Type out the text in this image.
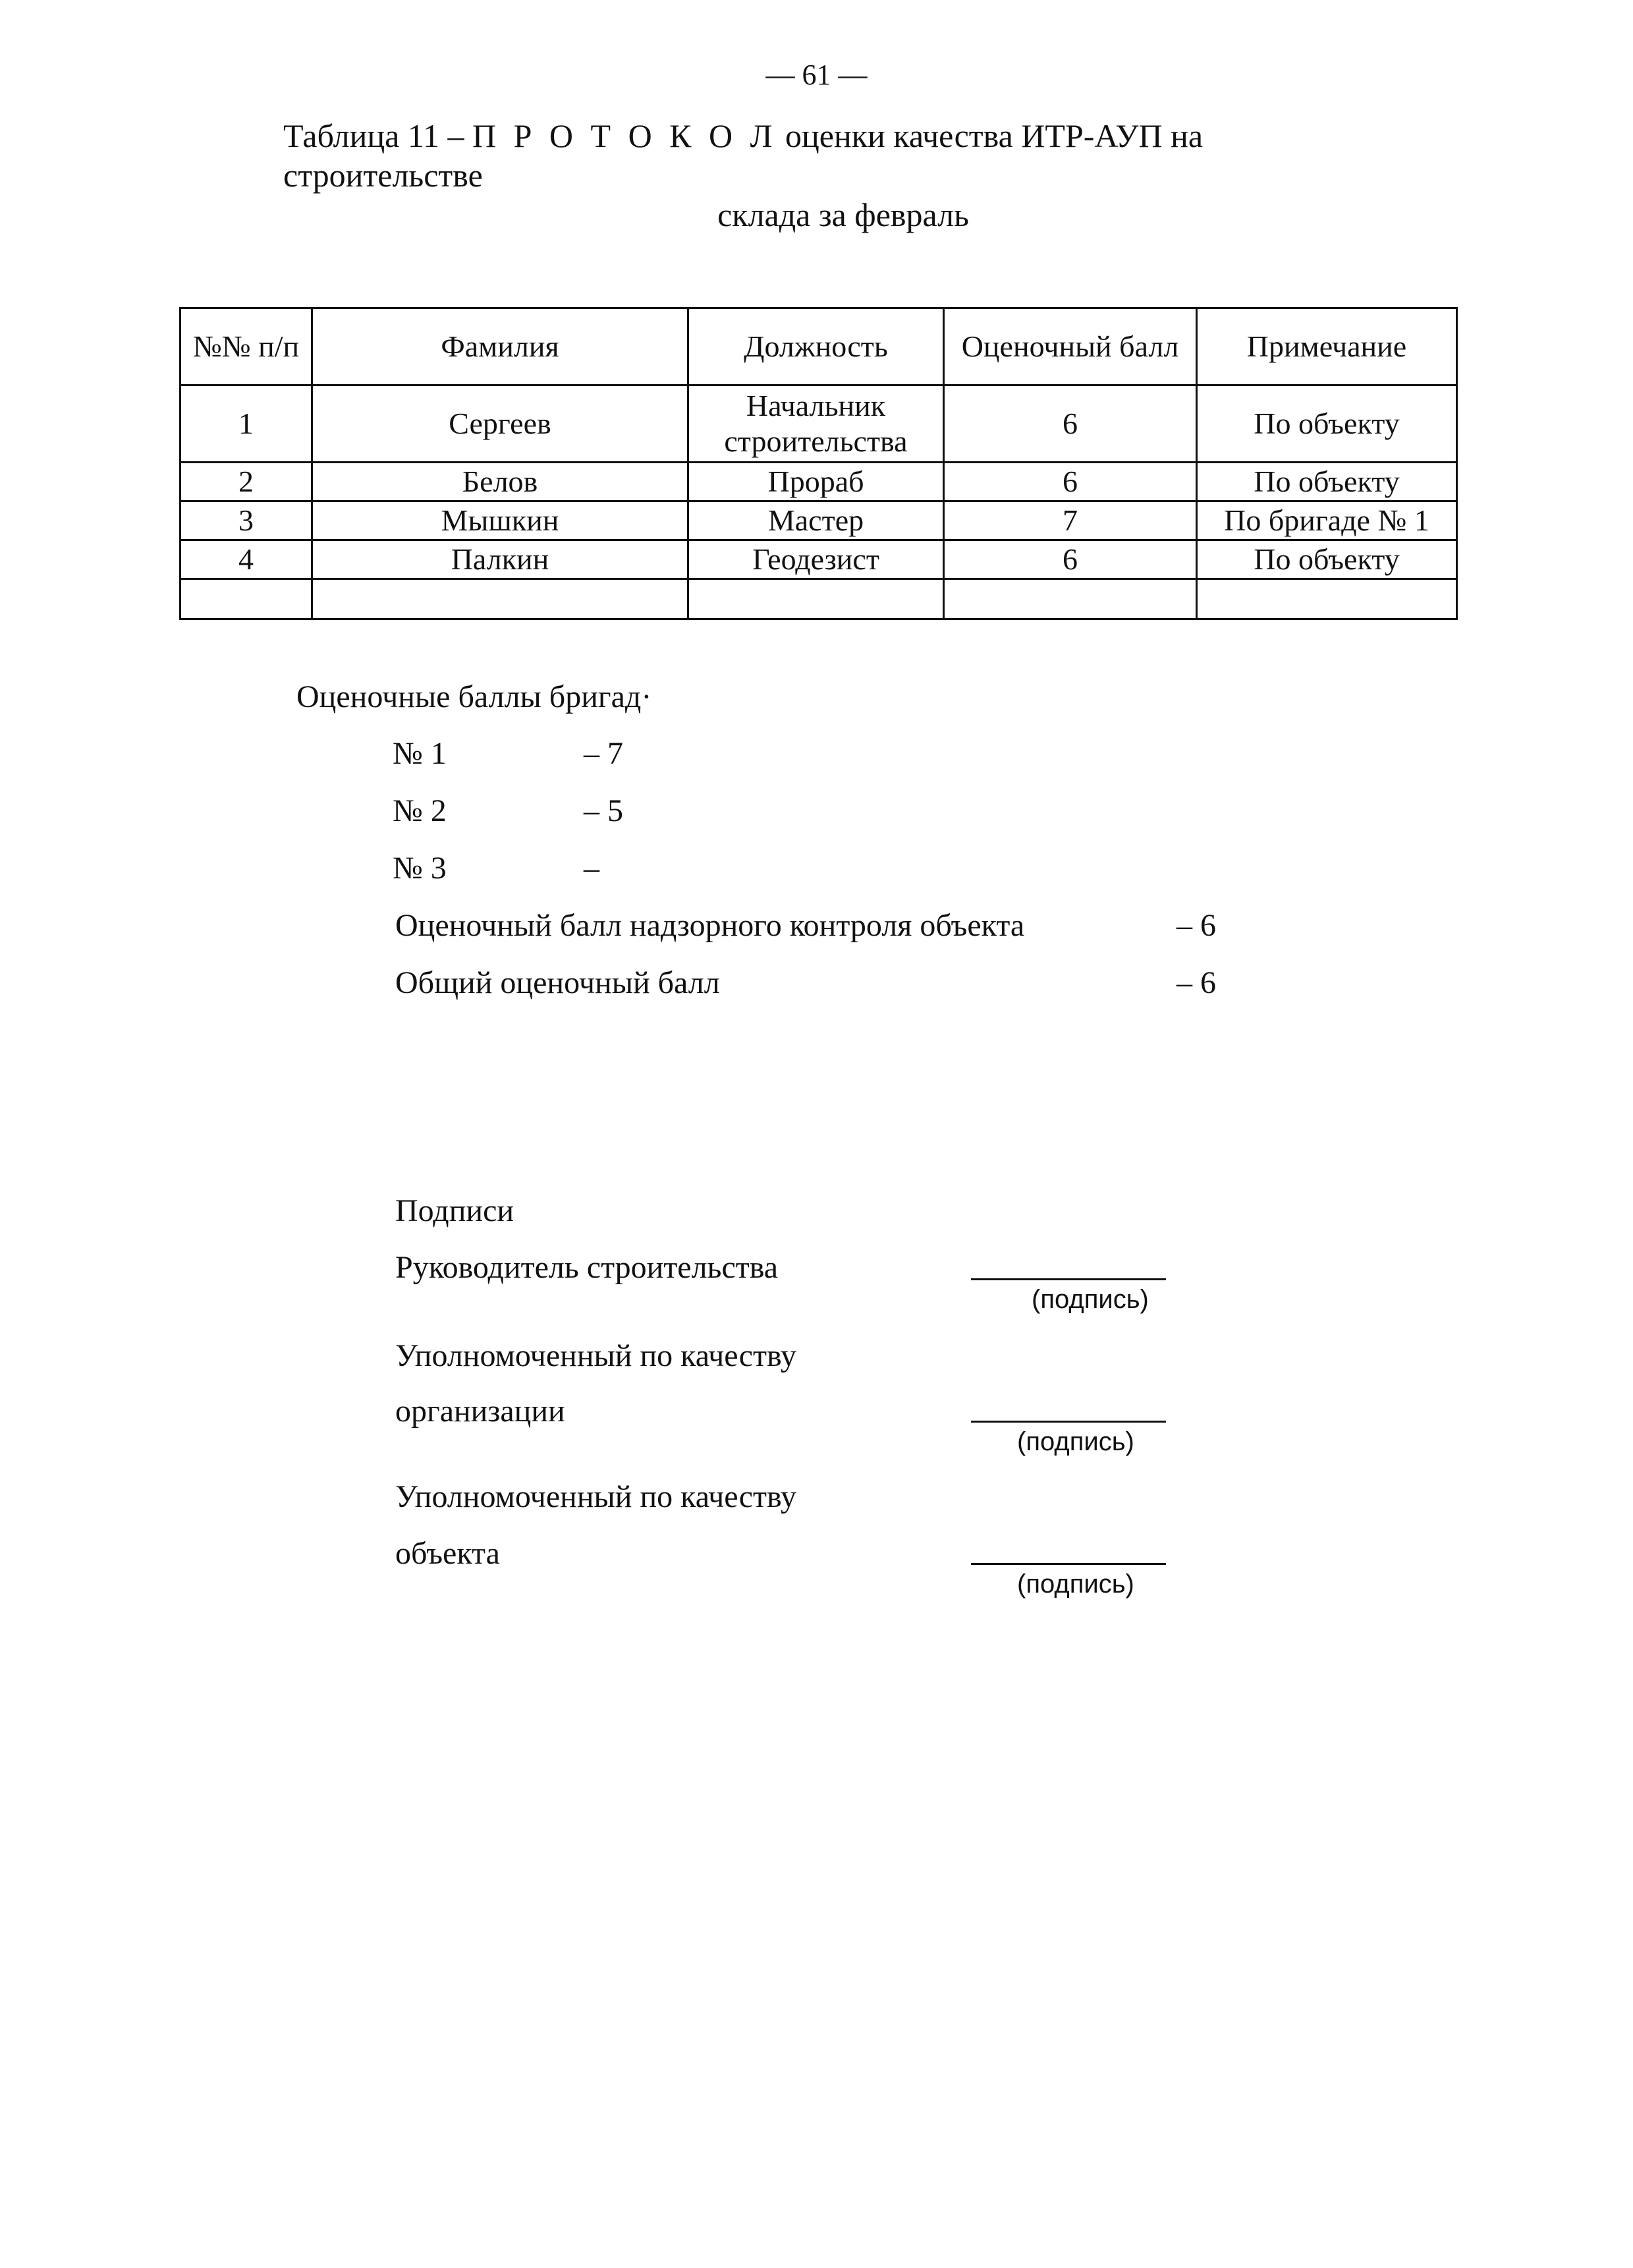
— 61 —
Таблица 11 – П Р О Т О К О Л оценки качества ИТР-АУП на строительстве
склада за февраль
№№ п/п	Фамилия	Должность	Оценочный балл	Примечание
1	Сергеев	Начальник строительства	6	По объекту
2	Белов	Прораб	6	По объекту
3	Мышкин	Мастер	7	По бригаде № 1
4	Палкин	Геодезист	6	По объекту

Оценочные баллы бригад·
№ 1	– 7
№ 2	– 5
№ 3	–
Оценочный балл надзорного контроля объекта	– 6
Общий оценочный балл	– 6
Подписи
Руководитель строительства
(подпись)
Уполномоченный по качеству
организации
(подпись)
Уполномоченный по качеству
объекта
(подпись)
